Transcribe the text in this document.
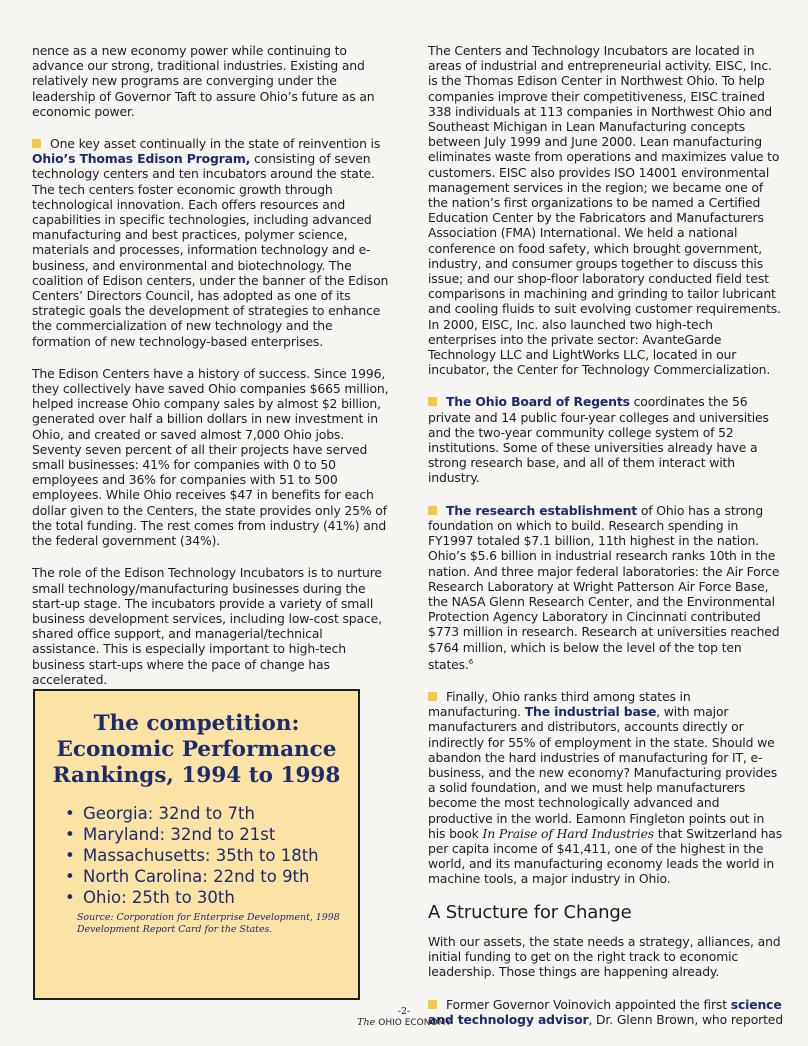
nence as a new economy power while continuing to advance our strong, traditional industries. Existing and relatively new programs are converging under the leadership of Governor Taft to assure Ohio’s future as an economic power.

One key asset continually in the state of reinvention is Ohio’s Thomas Edison Program, consisting of seven technology centers and ten incubators around the state. The tech centers foster economic growth through technological innovation. Each offers resources and capabilities in specific technologies, including advanced manufacturing and best practices, polymer science, materials and processes, information technology and e-business, and environmental and biotechnology. The coalition of Edison centers, under the banner of the Edison Centers’ Directors Council, has adopted as one of its strategic goals the development of strategies to enhance the commercialization of new technology and the formation of new technology-based enterprises.

The Edison Centers have a history of success. Since 1996, they collectively have saved Ohio companies $665 million, helped increase Ohio company sales by almost $2 billion, generated over half a billion dollars in new investment in Ohio, and created or saved almost 7,000 Ohio jobs. Seventy seven percent of all their projects have served small businesses: 41% for companies with 0 to 50 employees and 36% for companies with 51 to 500 employees. While Ohio receives $47 in benefits for each dollar given to the Centers, the state provides only 25% of the total funding. The rest comes from industry (41%) and the federal government (34%).

The role of the Edison Technology Incubators is to nurture small technology/manufacturing businesses during the start-up stage. The incubators provide a variety of small business development services, including low-cost space, shared office support, and managerial/technical assistance. This is especially important to high-tech business start-ups where the pace of change has accelerated.

The competition:
Economic Performance
Rankings, 1994 to 1998
• Georgia: 32nd to 7th
• Maryland: 32nd to 21st
• Massachusetts: 35th to 18th
• North Carolina: 22nd to 9th
• Ohio: 25th to 30th
Source: Corporation for Enterprise Development, 1998 Development Report Card for the States.

The Centers and Technology Incubators are located in areas of industrial and entrepreneurial activity. EISC, Inc. is the Thomas Edison Center in Northwest Ohio. To help companies improve their competitiveness, EISC trained 338 individuals at 113 companies in Northwest Ohio and Southeast Michigan in Lean Manufacturing concepts between July 1999 and June 2000. Lean manufacturing eliminates waste from operations and maximizes value to customers. EISC also provides ISO 14001 environmental management services in the region; we became one of the nation’s first organizations to be named a Certified Education Center by the Fabricators and Manufacturers Association (FMA) International. We held a national conference on food safety, which brought government, industry, and consumer groups together to discuss this issue; and our shop-floor laboratory conducted field test comparisons in machining and grinding to tailor lubricant and cooling fluids to suit evolving customer requirements. In 2000, EISC, Inc. also launched two high-tech enterprises into the private sector: AvanteGarde Technology LLC and LightWorks LLC, located in our incubator, the Center for Technology Commercialization.

The Ohio Board of Regents coordinates the 56 private and 14 public four-year colleges and universities and the two-year community college system of 52 institutions. Some of these universities already have a strong research base, and all of them interact with industry.

The research establishment of Ohio has a strong foundation on which to build. Research spending in FY1997 totaled $7.1 billion, 11th highest in the nation. Ohio’s $5.6 billion in industrial research ranks 10th in the nation. And three major federal laboratories: the Air Force Research Laboratory at Wright Patterson Air Force Base, the NASA Glenn Research Center, and the Environmental Protection Agency Laboratory in Cincinnati contributed $773 million in research. Research at universities reached $764 million, which is below the level of the top ten states.$^6$

Finally, Ohio ranks third among states in manufacturing. The industrial base, with major manufacturers and distributors, accounts directly or indirectly for 55% of employment in the state. Should we abandon the hard industries of manufacturing for IT, e-business, and the new economy? Manufacturing provides a solid foundation, and we must help manufacturers become the most technologically advanced and productive in the world. Eamonn Fingleton points out in his book In Praise of Hard Industries that Switzerland has per capita income of $41,411, one of the highest in the world, and its manufacturing economy leads the world in machine tools, a major industry in Ohio.

A Structure for Change

With our assets, the state needs a strategy, alliances, and initial funding to get on the right track to economic leadership. Those things are happening already.

Former Governor Voinovich appointed the first science and technology advisor, Dr. Glenn Brown, who reported

-2-
The OHIO ECONOMY
